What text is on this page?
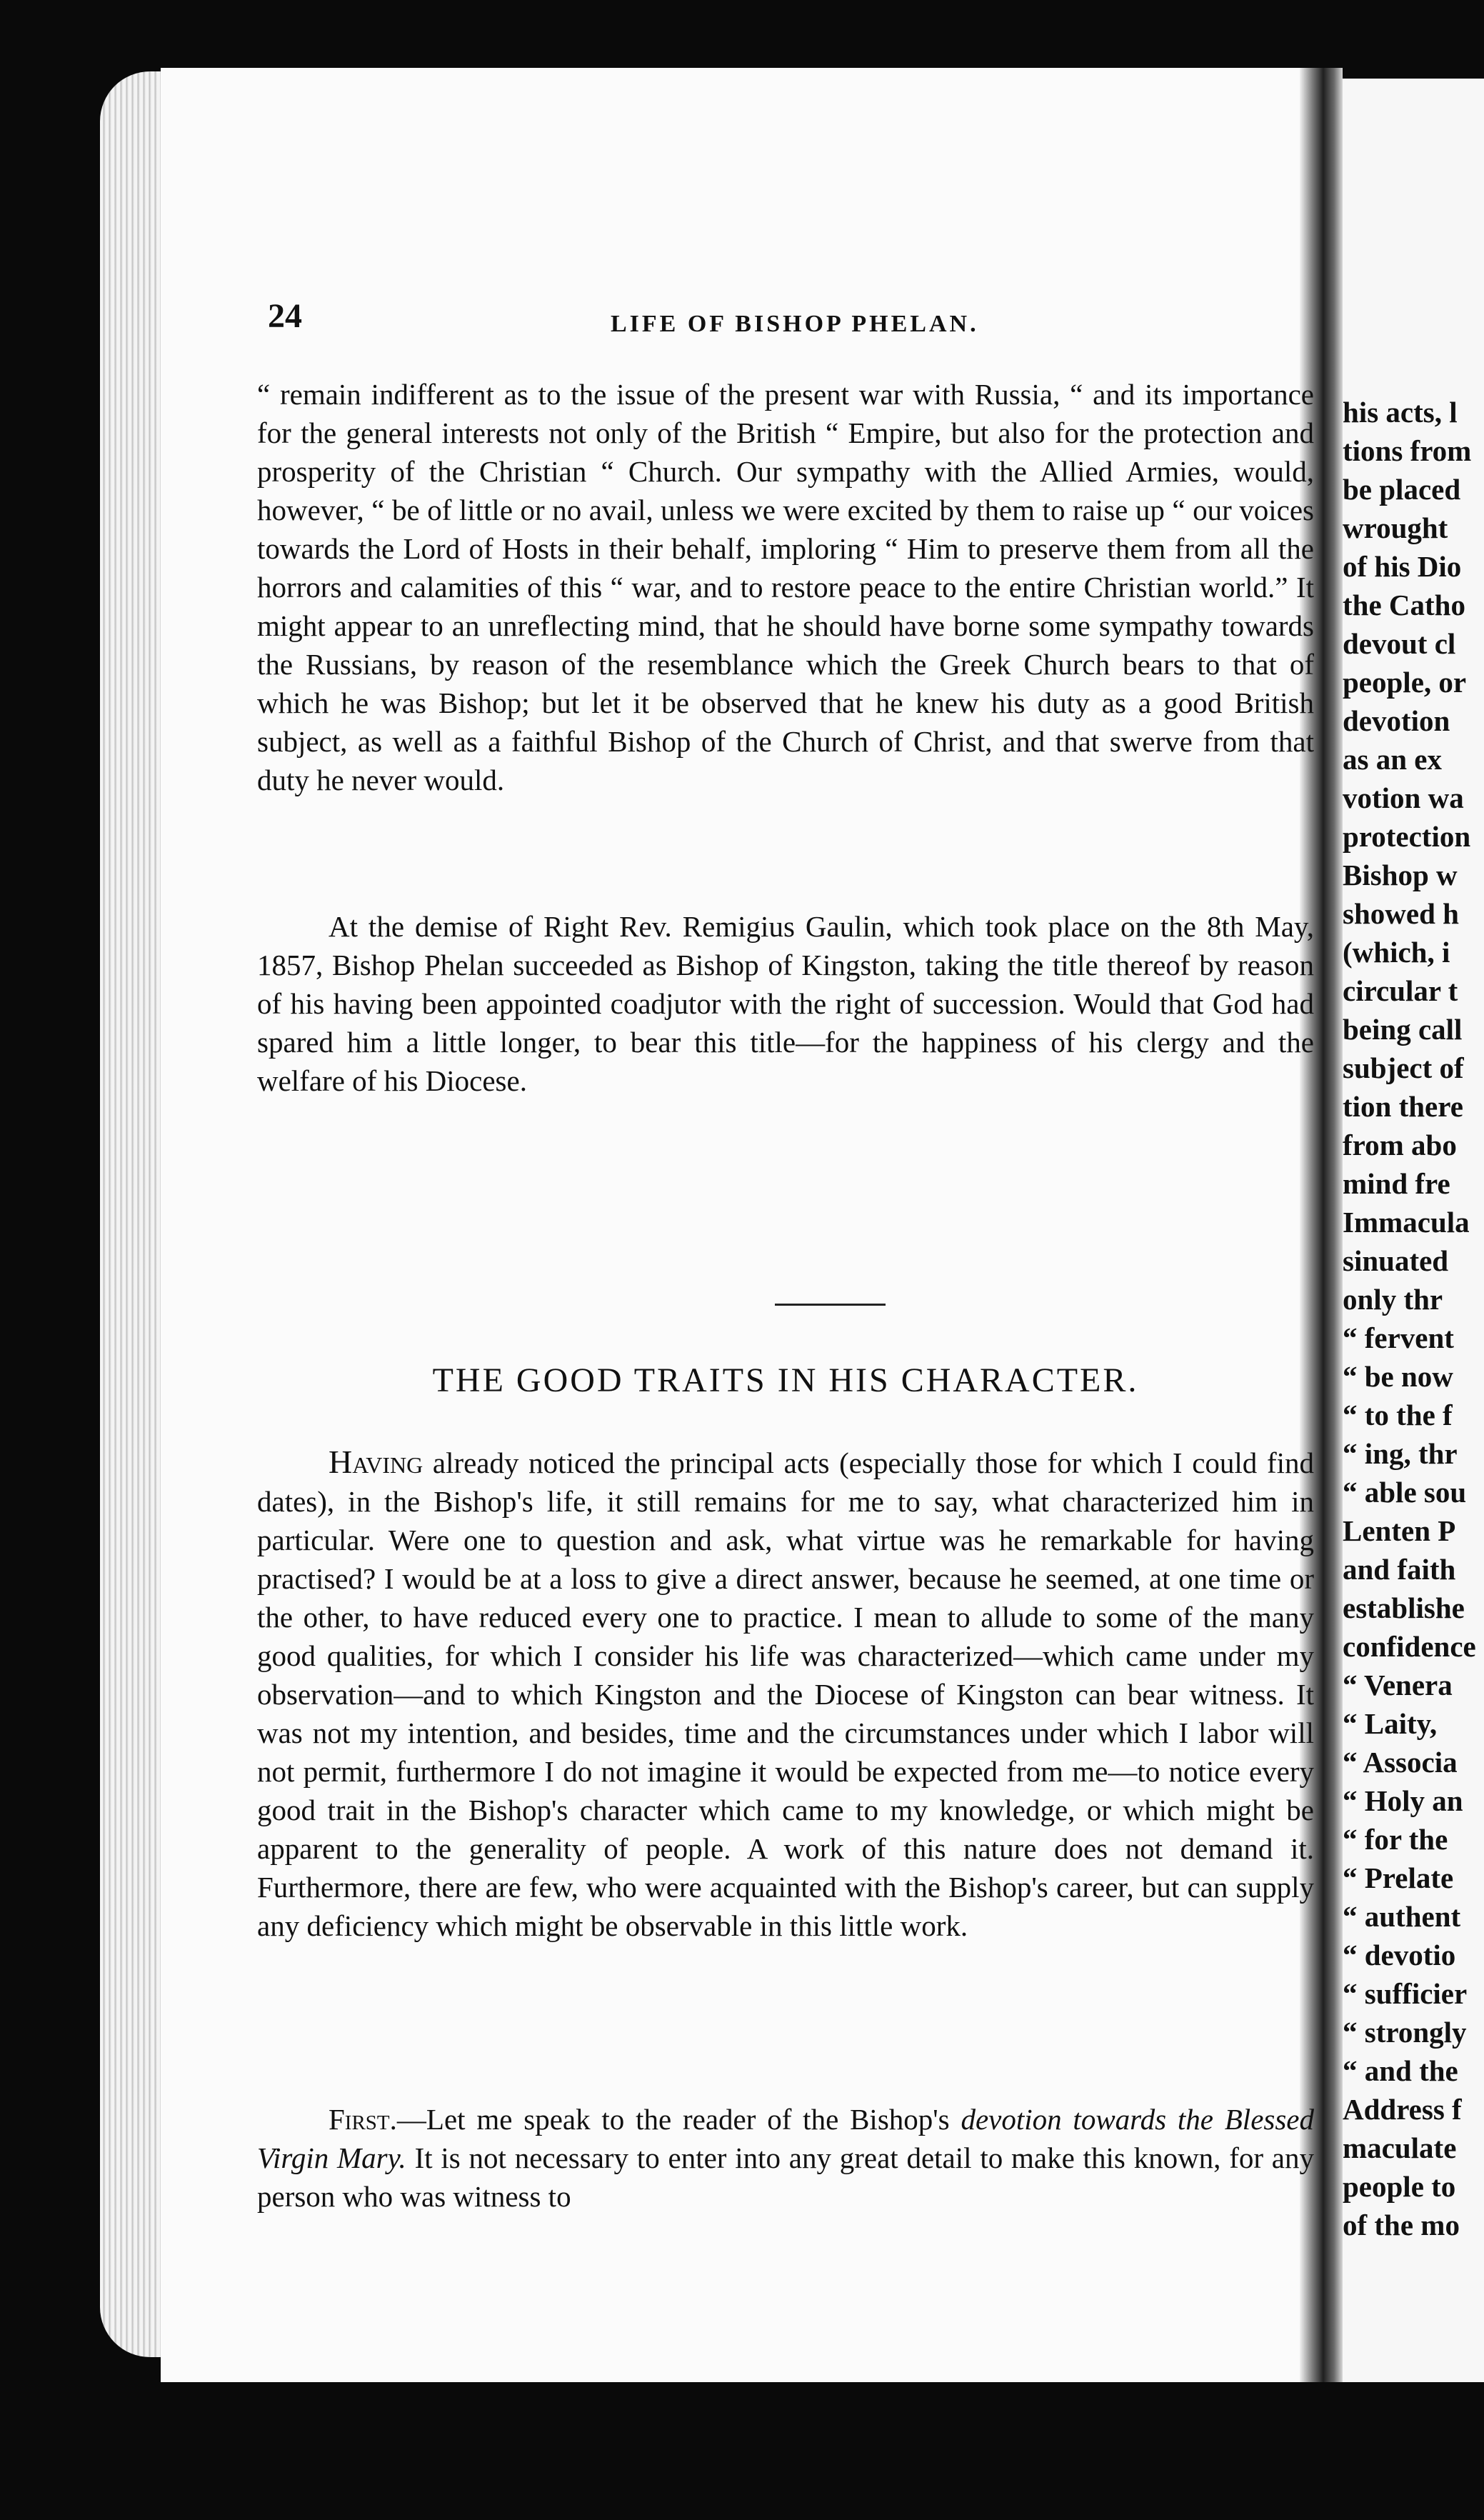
his acts, l
tions from
be placed
wrought
of his Dio
the Catho
devout cl
people, or
devotion
as an ex
votion wa
protection
Bishop w
showed h
(which, i
circular t
being call
subject of
tion there
from abo
mind fre
Immacula
sinuated
only thr
“ fervent
“ be now
“ to the f
“ ing, thr
“ able sou
Lenten P
and faith
establishe
confidence
“ Venera
“ Laity,
“ Associa
“ Holy an
“ for the
“ Prelate
“ authent
“ devotio
“ sufficier
“ strongly
“ and the
Address f
maculate
people to
of the mo
24	LIFE OF BISHOP PHELAN.

“ remain indifferent as to the issue of the present war with Russia, “ and its importance for the general interests not only of the British “ Empire, but also for the protection and prosperity of the Christian “ Church. Our sympathy with the Allied Armies, would, however, “ be of little or no avail, unless we were excited by them to raise up “ our voices towards the Lord of Hosts in their behalf, imploring “ Him to preserve them from all the horrors and calamities of this “ war, and to restore peace to the entire Christian world.” It might appear to an unreflecting mind, that he should have borne some sympathy towards the Russians, by reason of the resemblance which the Greek Church bears to that of which he was Bishop; but let it be observed that he knew his duty as a good British subject, as well as a faithful Bishop of the Church of Christ, and that swerve from that duty he never would.

At the demise of Right Rev. Remigius Gaulin, which took place on the 8th May, 1857, Bishop Phelan succeeded as Bishop of Kingston, taking the title thereof by reason of his having been appointed coadjutor with the right of succession. Would that God had spared him a little longer, to bear this title—for the happiness of his clergy and the welfare of his Diocese.

THE GOOD TRAITS IN HIS CHARACTER.

Having already noticed the principal acts (especially those for which I could find dates), in the Bishop's life, it still remains for me to say, what characterized him in particular. Were one to question and ask, what virtue was he remarkable for having practised? I would be at a loss to give a direct answer, because he seemed, at one time or the other, to have reduced every one to practice. I mean to allude to some of the many good qualities, for which I consider his life was characterized—which came under my observation—and to which Kingston and the Diocese of Kingston can bear witness. It was not my intention, and besides, time and the circumstances under which I labor will not permit, furthermore I do not imagine it would be expected from me—to notice every good trait in the Bishop's character which came to my knowledge, or which might be apparent to the generality of people. A work of this nature does not demand it. Furthermore, there are few, who were acquainted with the Bishop's career, but can supply any deficiency which might be observable in this little work.

First.—Let me speak to the reader of the Bishop's devotion towards the Blessed Virgin Mary. It is not necessary to enter into any great detail to make this known, for any person who was witness to
